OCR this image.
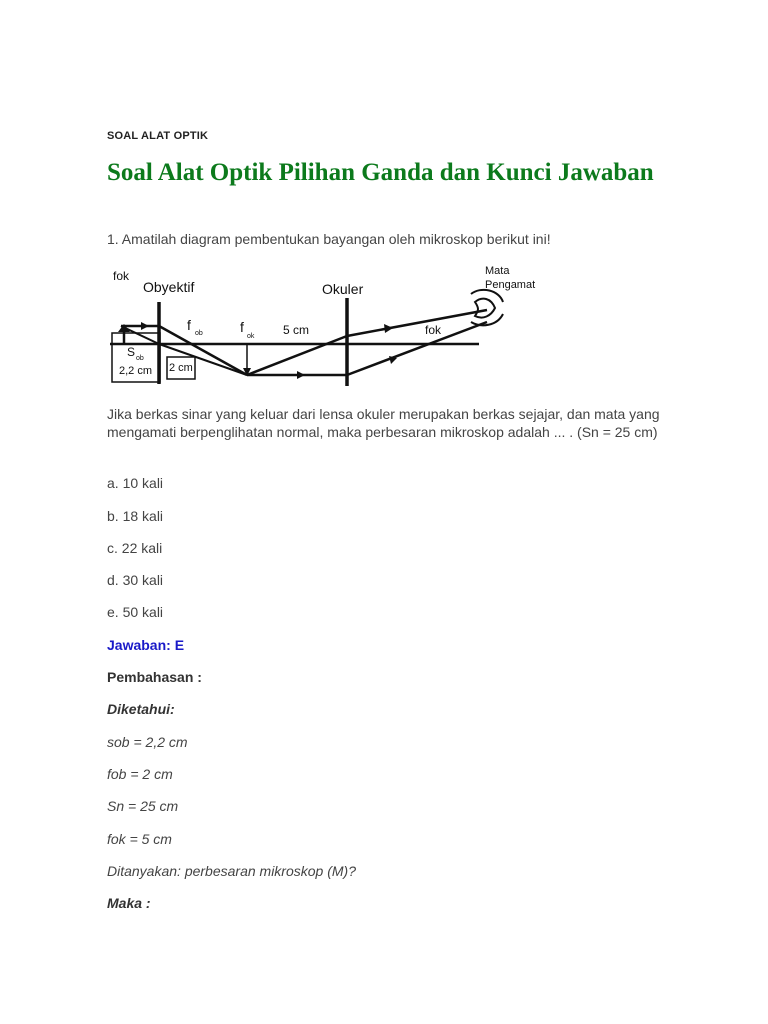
SOAL ALAT OPTIK
Soal Alat Optik Pilihan Ganda dan Kunci Jawaban
1. Amatilah diagram pembentukan bayangan oleh mikroskop berikut ini!
fok
Obyektif	Okuler
Mata
Pengamat
f
ob	f
ok 5 cm	fok
S ob
2,2 cm 2 cm
Jika berkas sinar yang keluar dari lensa okuler merupakan berkas sejajar, dan mata yang mengamati berpenglihatan normal, maka perbesaran mikroskop adalah ... . (Sn = 25 cm)
a. 10 kali
b. 18 kali
c. 22 kali
d. 30 kali
e. 50 kali
Jawaban: E
Pembahasan :
Diketahui:
sob = 2,2 cm
fob = 2 cm
Sn = 25 cm
fok = 5 cm
Ditanyakan: perbesaran mikroskop (M)?
Maka :
